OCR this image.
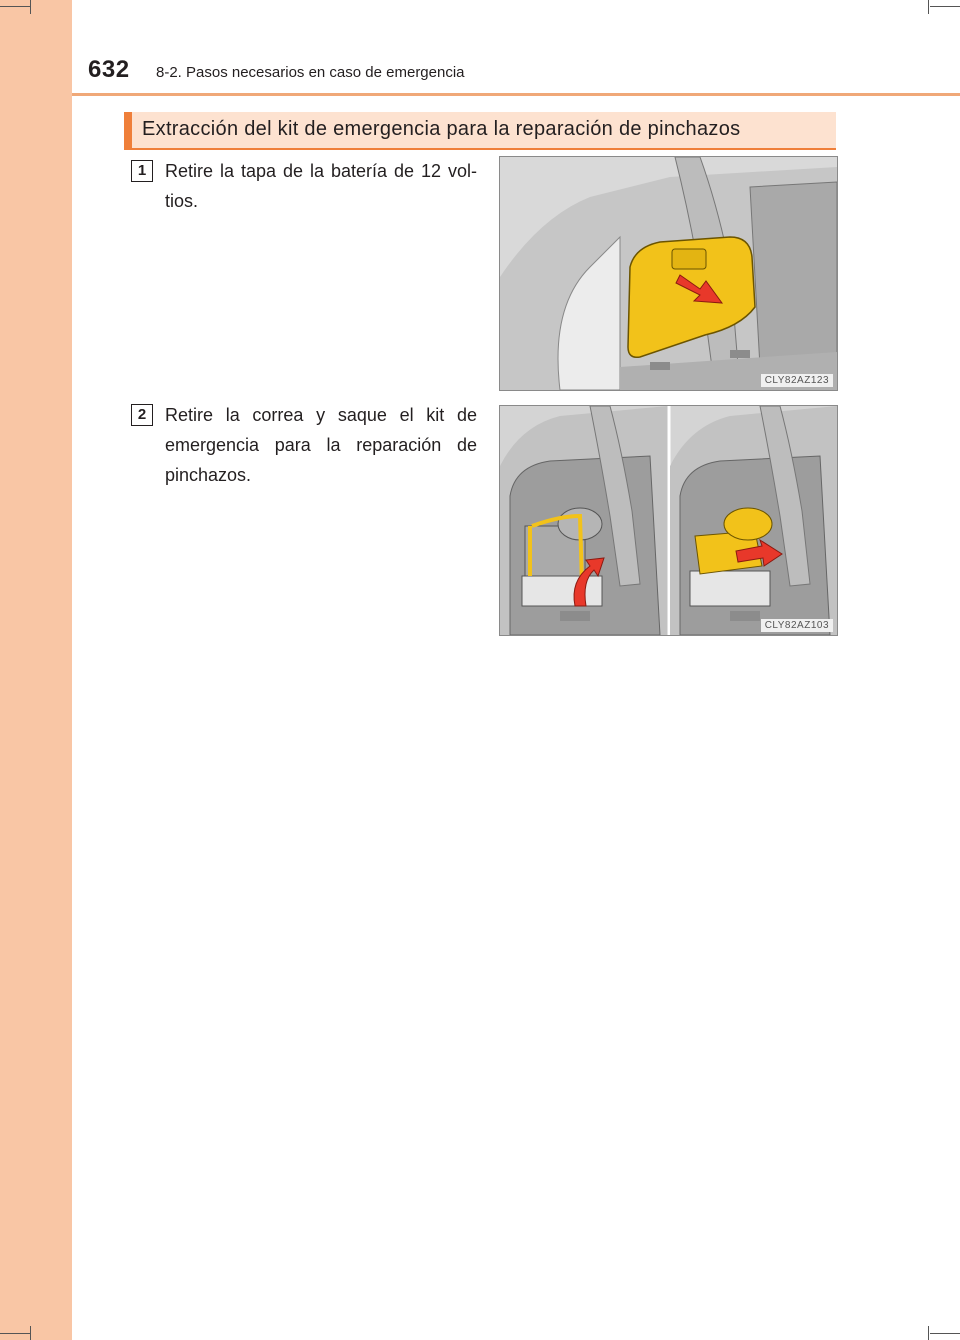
632 8-2. Pasos necesarios en caso de emergencia
Extracción del kit de emergencia para la reparación de pinchazos
1	Retire la tapa de la batería de 12 vol-tios.
CLY82AZ123
2	Retire la correa y saque el kit de emergencia para la reparación de pinchazos.
CLY82AZ103
